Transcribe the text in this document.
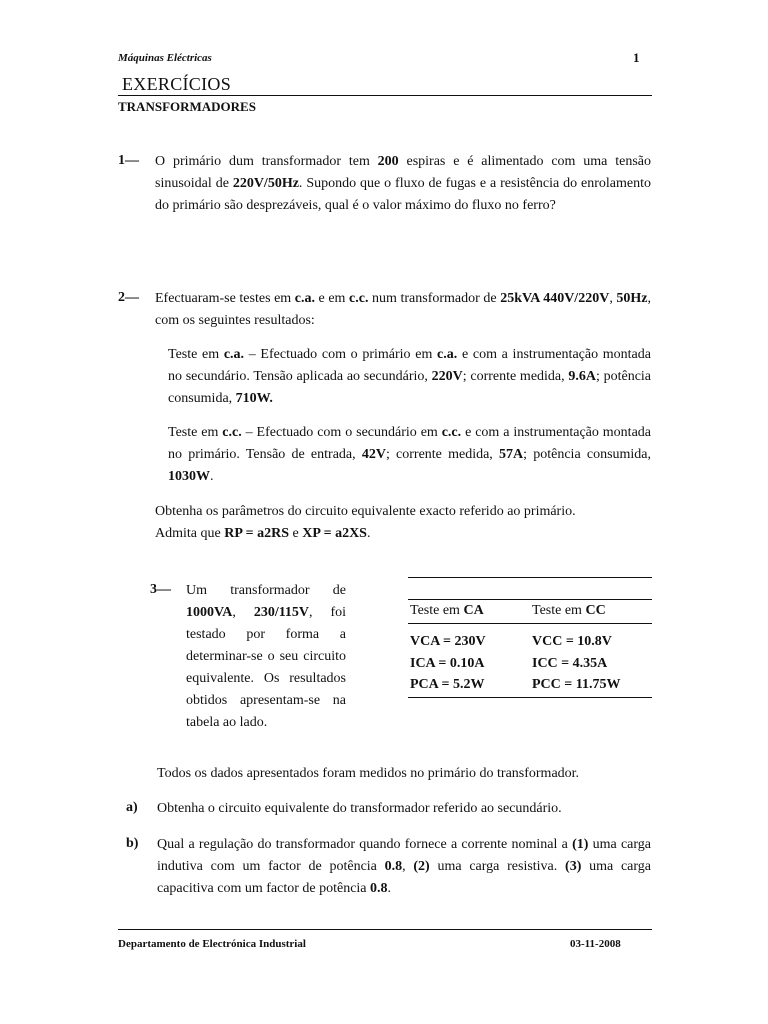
Máquinas Eléctricas	1
EXERCÍCIOS
TRANSFORMADORES
1— O primário dum transformador tem 200 espiras e é alimentado com uma tensão sinusoidal de 220V/50Hz. Supondo que o fluxo de fugas e a resistência do enrolamento do primário são desprezáveis, qual é o valor máximo do fluxo no ferro?
2— Efectuaram-se testes em c.a. e em c.c. num transformador de 25kVA 440V/220V, 50Hz, com os seguintes resultados:
Teste em c.a. – Efectuado com o primário em c.a. e com a instrumentação montada no secundário. Tensão aplicada ao secundário, 220V; corrente medida, 9.6A; potência consumida, 710W.
Teste em c.c. – Efectuado com o secundário em c.c. e com a instrumentação montada no primário. Tensão de entrada, 42V; corrente medida, 57A; potência consumida, 1030W.
Obtenha os parâmetros do circuito equivalente exacto referido ao primário.
Admita que RP = a2RS e XP = a2XS.
3— Um transformador de 1000VA, 230/115V, foi testado por forma a determinar-se o seu circuito equivalente. Os resultados obtidos apresentam-se na tabela ao lado.
Teste em CA	Teste em CC
VCA = 230V	VCC = 10.8V
ICA = 0.10A	ICC = 4.35A
PCA = 5.2W	PCC = 11.75W
Todos os dados apresentados foram medidos no primário do transformador.
a) Obtenha o circuito equivalente do transformador referido ao secundário.
b) Qual a regulação do transformador quando fornece a corrente nominal a (1) uma carga indutiva com um factor de potência 0.8, (2) uma carga resistiva. (3) uma carga capacitiva com um factor de potência 0.8.
Departamento de Electrónica Industrial	03-11-2008
